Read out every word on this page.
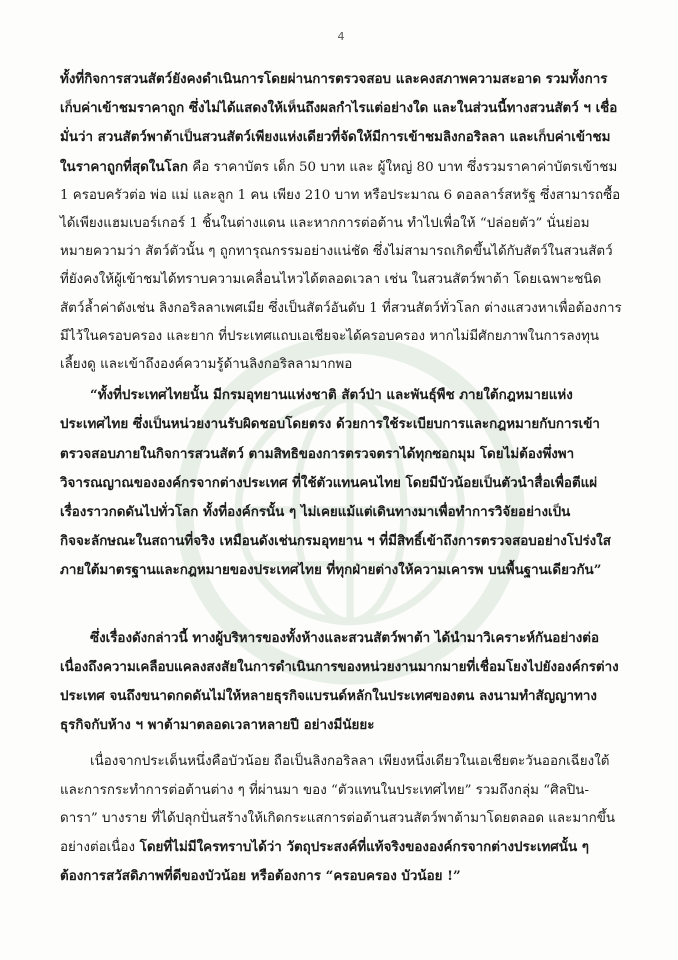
4

ทั้งที่กิจการสวนสัตว์ยังคงดำเนินการโดยผ่านการตรวจสอบ และคงสภาพความสะอาด รวมทั้งการเก็บค่าเข้าชมราคาถูก ซึ่งไม่ได้แสดงให้เห็นถึงผลกำไรแต่อย่างใด และในส่วนนี้ทางสวนสัตว์ ฯ เชื่อมั่นว่า สวนสัตว์พาต้าเป็นสวนสัตว์เพียงแห่งเดียวที่จัดให้มีการเข้าชมลิงกอริลลา และเก็บค่าเข้าชมในราคาถูกที่สุดในโลก คือ ราคาบัตร เด็ก 50 บาท และ ผู้ใหญ่ 80 บาท ซึ่งรวมราคาค่าบัตรเข้าชม 1 ครอบครัวต่อ พ่อ แม่ และลูก 1 คน เพียง 210 บาท หรือประมาณ 6 ดอลลาร์สหรัฐ ซึ่งสามารถซื้อได้เพียงแฮมเบอร์เกอร์ 1 ชิ้นในต่างแดน และหากการต่อต้าน ทำไปเพื่อให้ “ปล่อยตัว” นั่นย่อมหมายความว่า สัตว์ตัวนั้น ๆ ถูกทารุณกรรมอย่างแน่ชัด ซึ่งไม่สามารถเกิดขึ้นได้กับสัตว์ในสวนสัตว์ ที่ยังคงให้ผู้เข้าชมได้ทราบความเคลื่อนไหวได้ตลอดเวลา เช่น ในสวนสัตว์พาต้า โดยเฉพาะชนิดสัตว์ล้ำค่าดังเช่น ลิงกอริลลาเพศเมีย ซึ่งเป็นสัตว์อันดับ 1 ที่สวนสัตว์ทั่วโลก ต่างแสวงหาเพื่อต้องการมีไว้ในครอบครอง และยาก ที่ประเทศแถบเอเชียจะได้ครอบครอง หากไม่มีศักยภาพในการลงทุน เลี้ยงดู และเข้าถึงองค์ความรู้ด้านลิงกอริลลามากพอ

“ทั้งที่ประเทศไทยนั้น มีกรมอุทยานแห่งชาติ สัตว์ป่า และพันธุ์พืช ภายใต้กฎหมายแห่งประเทศไทย ซึ่งเป็นหน่วยงานรับผิดชอบโดยตรง ด้วยการใช้ระเบียบการและกฎหมายกับการเข้าตรวจสอบภายในกิจการสวนสัตว์ ตามสิทธิของการตรวจตราได้ทุกซอกมุม โดยไม่ต้องพึ่งพาวิจารณญาณขององค์กรจากต่างประเทศ ที่ใช้ตัวแทนคนไทย โดยมีบัวน้อยเป็นตัวนำสื่อเพื่อตีแผ่เรื่องราวกดดันไปทั่วโลก ทั้งที่องค์กรนั้น ๆ ไม่เคยแม้แต่เดินทางมาเพื่อทำการวิจัยอย่างเป็นกิจจะลักษณะในสถานที่จริง เหมือนดังเช่นกรมอุทยาน ฯ ที่มีสิทธิ์เข้าถึงการตรวจสอบอย่างโปร่งใส ภายใต้มาตรฐานและกฎหมายของประเทศไทย ที่ทุกฝ่ายต่างให้ความเคารพ บนพื้นฐานเดียวกัน”

ซึ่งเรื่องดังกล่าวนี้ ทางผู้บริหารของทั้งห้างและสวนสัตว์พาต้า ได้นำมาวิเคราะห์กันอย่างต่อเนื่องถึงความเคลือบแคลงสงสัยในการดำเนินการของหน่วยงานมากมายที่เชื่อมโยงไปยังองค์กรต่างประเทศ จนถึงขนาดกดดันไม่ให้หลายธุรกิจแบรนด์หลักในประเทศของตน ลงนามทำสัญญาทางธุรกิจกับห้าง ฯ พาต้ามาตลอดเวลาหลายปี อย่างมีนัยยะ

เนื่องจากประเด็นหนึ่งคือบัวน้อย ถือเป็นลิงกอริลลา เพียงหนึ่งเดียวในเอเชียตะวันออกเฉียงใต้ และการกระทำการต่อต้านต่าง ๆ ที่ผ่านมา ของ “ตัวแทนในประเทศไทย” รวมถึงกลุ่ม “ศิลปิน-ดารา” บางราย ที่ได้ปลุกปั่นสร้างให้เกิดกระแสการต่อต้านสวนสัตว์พาต้ามาโดยตลอด และมากขึ้นอย่างต่อเนื่อง โดยที่ไม่มีใครทราบได้ว่า วัตถุประสงค์ที่แท้จริงขององค์กรจากต่างประเทศนั้น ๆ ต้องการสวัสดิภาพที่ดีของบัวน้อย หรือต้องการ “ครอบครอง บัวน้อย !”
